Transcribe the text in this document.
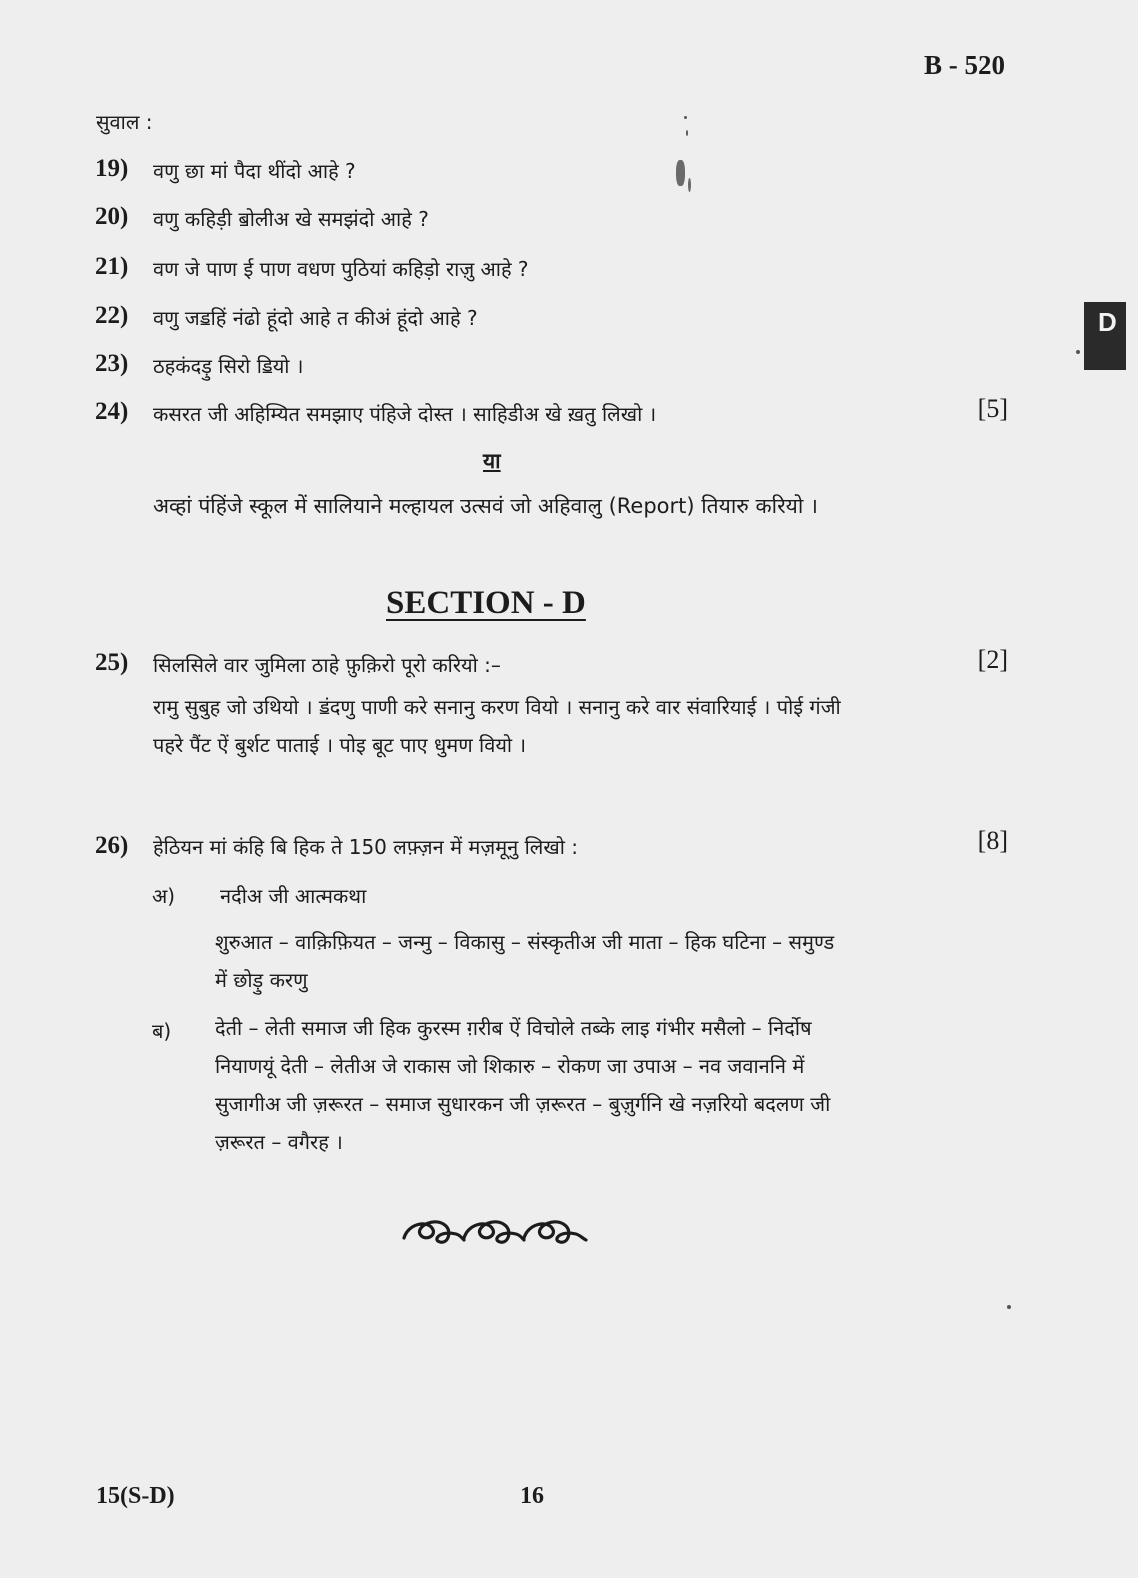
B - 520
D
सुवाल :
19) वणु छा मां पैदा थींदो आहे ?
20) वणु कहिड़ी ॿोलीअ खे समझंदो आहे ?
21) वण जे पाण ई पाण वधण पुठियां कहिड़ो राज़ु आहे ?
22) वणु जॾहिं नंढो हूंदो आहे त कीअं हूंदो आहे ?
23) ठहकंदड़ु सिरो ॾियो ।
24) कसरत जी अहिम्यित समझाए पंहिजे दोस्त । साहिडीअ खे ख़तु लिखो ।	[5]
या
अव्हां पंहिंजे स्कूल में सालियाने मल्हायल उत्सवं जो अहिवालु (Report) तियारु करियो ।
SECTION - D
25) सिलसिले वार जुमिला ठाहे फ़ुक़िरो पूरो करियो :–	[2]
रामु सुबुह जो उथियो । ॾंदणु पाणी करे सनानु करण वियो । सनानु करे वार संवारियाई । पोई गंजी
पहरे पैंट ऐं बुर्शट पाताई । पोइ बूट पाए धुमण वियो ।
26) हेठियन मां कंहि बि हिक ते 150 लफ़्ज़न में मज़मूनु लिखो :	[8]
अ) नदीअ जी आत्मकथा
शुरुआत – वाक़िफ़ियत – जन्मु – विकासु – संस्कृतीअ जी माता – हिक घटिना – समुण्ड
में छोड़ु करणु
ब) देती – लेती समाज जी हिक कुरस्म ग़रीब ऐं विचोले तब्के लाइ गंभीर मसैलो – निर्दोष
नियाणयूं देती – लेतीअ जे राकास जो शिकारु – रोकण जा उपाअ – नव जवाननि में
सुजागीअ जी ज़रूरत – समाज सुधारकन जी ज़रूरत – बुज़ुर्गनि खे नज़रियो बदलण जी
ज़रूरत – वगैरह ।
15(S-D)	16
